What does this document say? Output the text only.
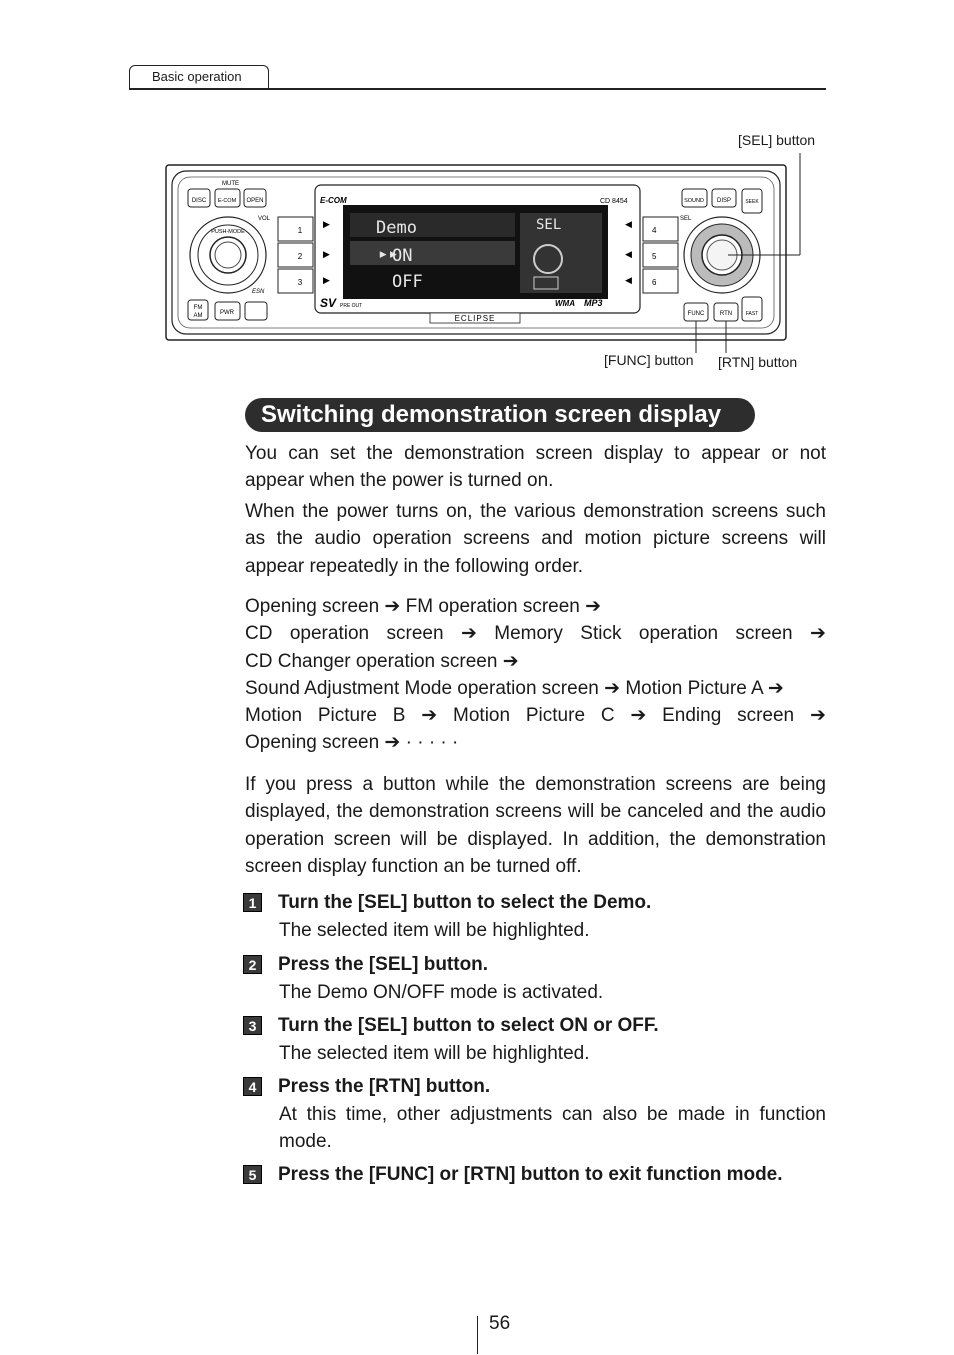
Basic operation
DISC E-COM OPEN
MUTE
VOL
PUSH-MODE
ESN
FM
AM	PWR
1
2
3
E-COM	CD 8454
▶
▶
▶
◀
◀
◀
Demo
▸▸
ON
OFF
SEL
SV PRE OUT	WMA MP3
ECLIPSE
4
5
6
SOUND DISP	SEEK
SEL
FUNC	RTN	FAST
[SEL] button
[FUNC] button [RTN] button
Switching demonstration screen display
You can set the demonstration screen display to appear or not appear when the power is turned on.
When the power turns on, the various demonstration screens such as the audio operation screens and motion picture screens will appear repeatedly in the following order.
Opening screen ➔ FM operation screen ➔
CD operation screen ➔ Memory Stick operation screen ➔
CD Changer operation screen ➔
Sound Adjustment Mode operation screen ➔ Motion Picture A ➔
Motion Picture B ➔ Motion Picture C ➔ Ending screen ➔
Opening screen ➔ · · · · ·
If you press a button while the demonstration screens are being displayed, the demonstration screens will be canceled and the audio operation screen will be displayed. In addition, the demonstration screen display function an be turned off.
1 Turn the [SEL] button to select the Demo.
The selected item will be highlighted.
2 Press the [SEL] button.
The Demo ON/OFF mode is activated.
3 Turn the [SEL] button to select ON or OFF.
The selected item will be highlighted.
4 Press the [RTN] button.
At this time, other adjustments can also be made in function mode.
5 Press the [FUNC] or [RTN] button to exit function mode.
56
